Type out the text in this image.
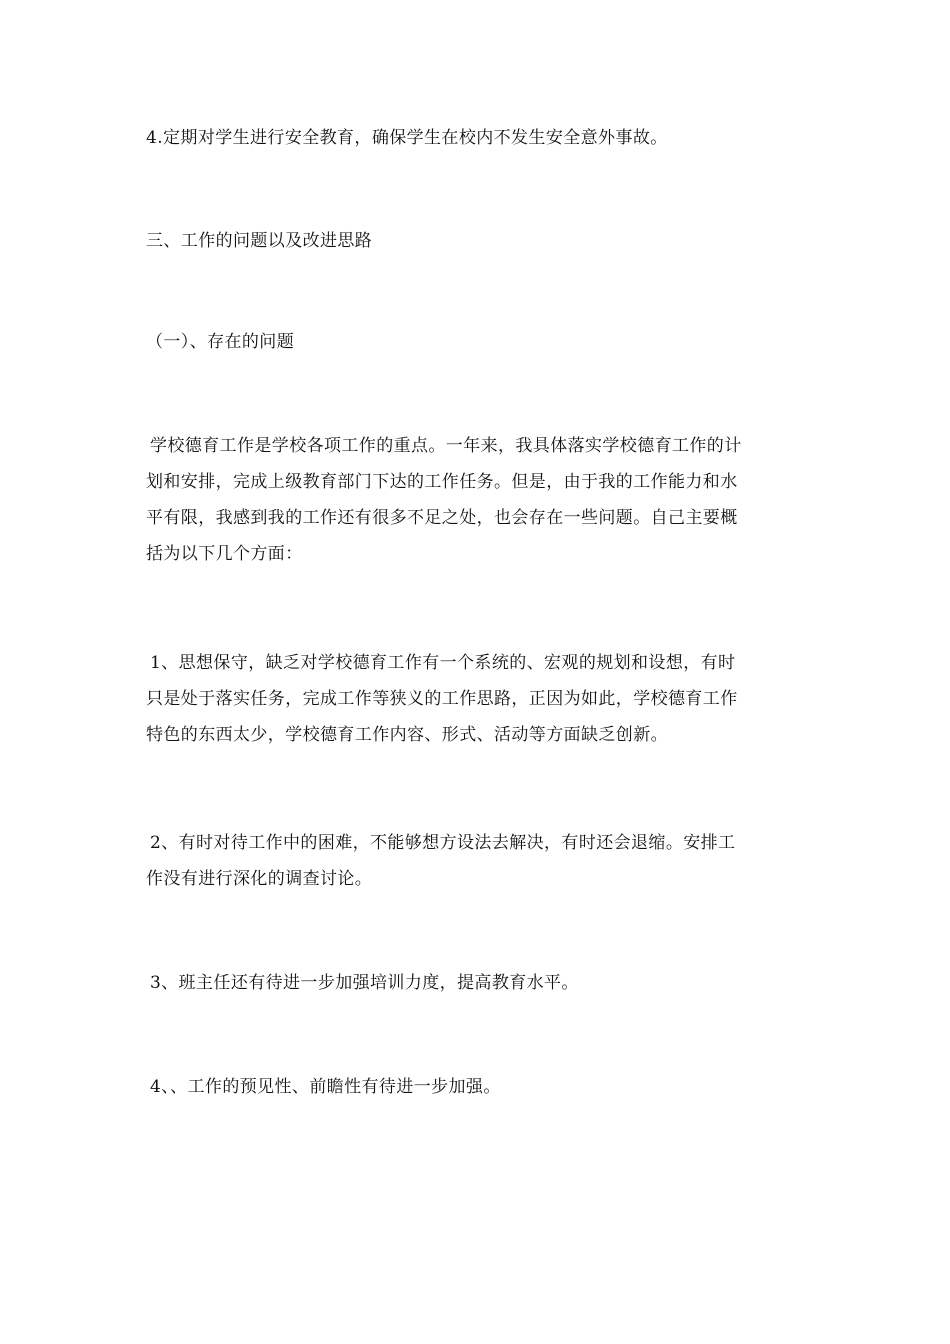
4.定期对学生进行安全教育，确保学生在校内不发生安全意外事故。

三、工作的问题以及改进思路

（一）、存在的问题

学校德育工作是学校各项工作的重点。一年来，我具体落实学校德育工作的计
划和安排，完成上级教育部门下达的工作任务。但是，由于我的工作能力和水
平有限，我感到我的工作还有很多不足之处，也会存在一些问题。自己主要概
括为以下几个方面：

1、思想保守，缺乏对学校德育工作有一个系统的、宏观的规划和设想，有时
只是处于落实任务，完成工作等狭义的工作思路，正因为如此，学校德育工作
特色的东西太少，学校德育工作内容、形式、活动等方面缺乏创新。

2、有时对待工作中的困难，不能够想方设法去解决，有时还会退缩。安排工
作没有进行深化的调查讨论。

3、班主任还有待进一步加强培训力度，提高教育水平。

4、、工作的预见性、前瞻性有待进一步加强。
